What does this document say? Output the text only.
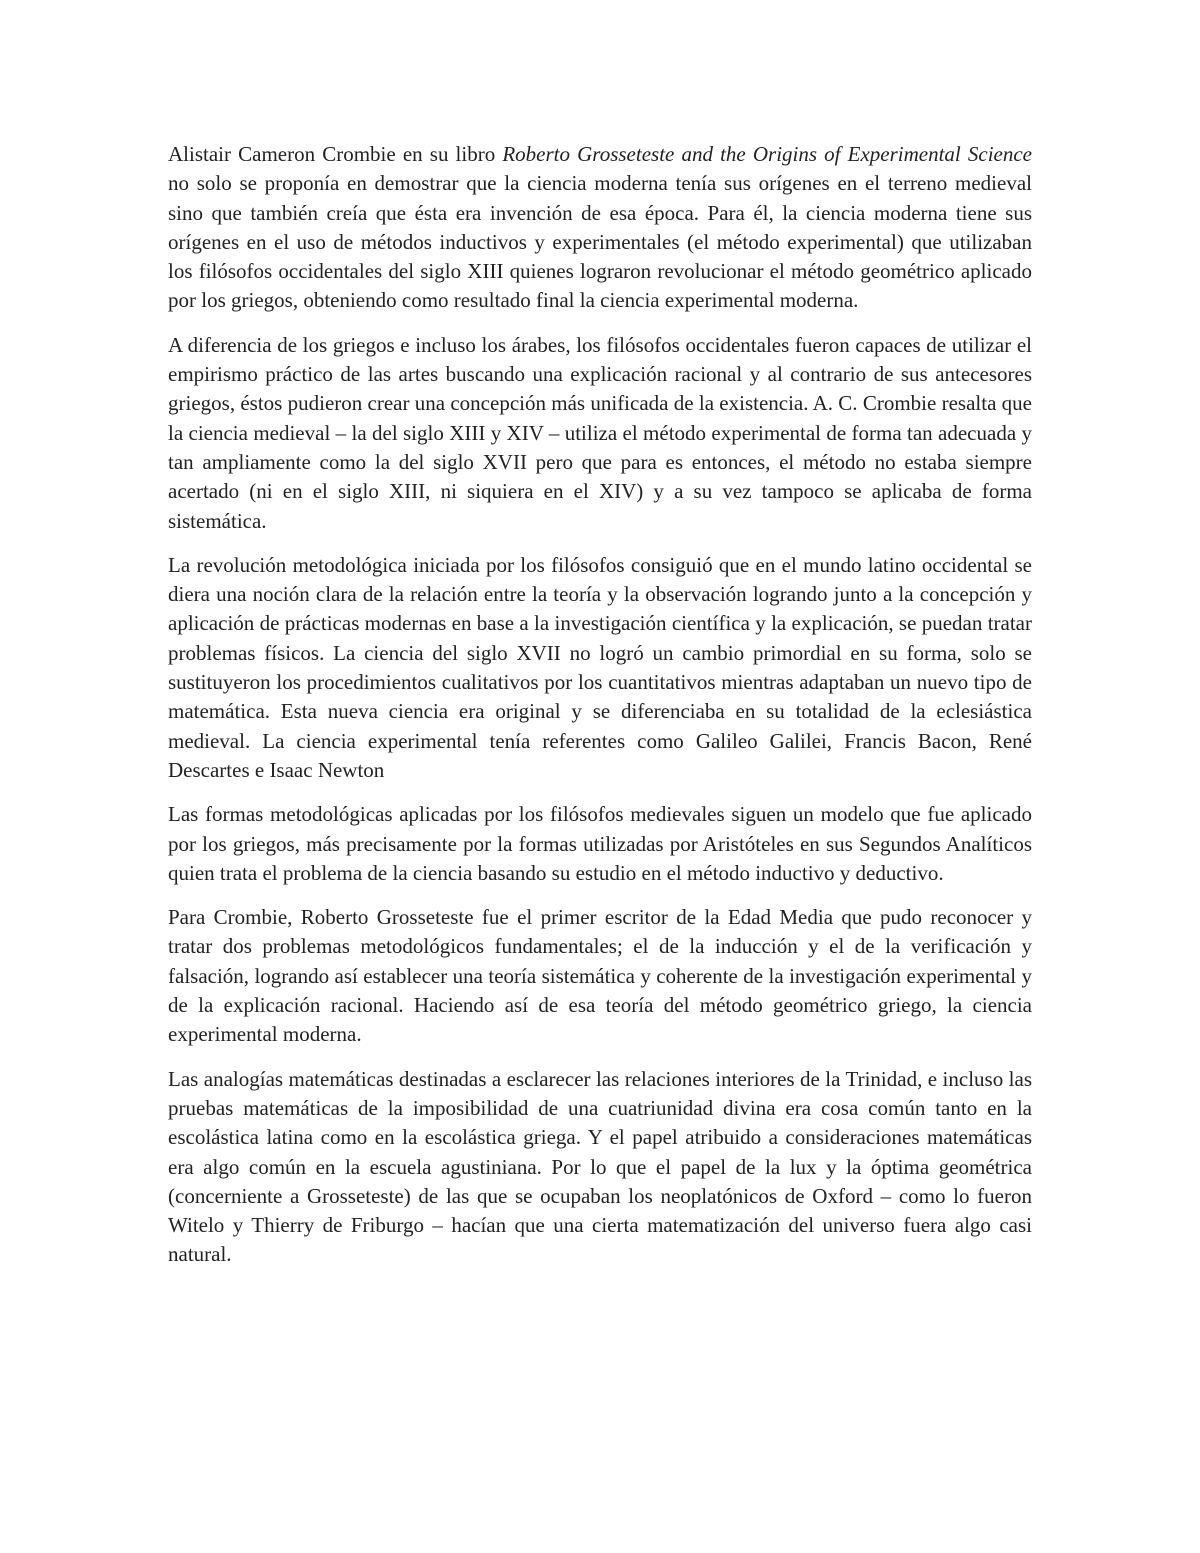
Alistair Cameron Crombie en su libro Roberto Grosseteste and the Origins of Experimental Science no solo se proponía en demostrar que la ciencia moderna tenía sus orígenes en el terreno medieval sino que también creía que ésta era invención de esa época. Para él, la ciencia moderna tiene sus orígenes en el uso de métodos inductivos y experimentales (el método experimental) que utilizaban los filósofos occidentales del siglo XIII quienes lograron revolucionar el método geométrico aplicado por los griegos, obteniendo como resultado final la ciencia experimental moderna.

A diferencia de los griegos e incluso los árabes, los filósofos occidentales fueron capaces de utilizar el empirismo práctico de las artes buscando una explicación racional y al contrario de sus antecesores griegos, éstos pudieron crear una concepción más unificada de la existencia. A. C. Crombie resalta que la ciencia medieval – la del siglo XIII y XIV – utiliza el método experimental de forma tan adecuada y tan ampliamente como la del siglo XVII pero que para es entonces, el método no estaba siempre acertado (ni en el siglo XIII, ni siquiera en el XIV) y a su vez tampoco se aplicaba de forma sistemática.

La revolución metodológica iniciada por los filósofos consiguió que en el mundo latino occidental se diera una noción clara de la relación entre la teoría y la observación logrando junto a la concepción y aplicación de prácticas modernas en base a la investigación científica y la explicación, se puedan tratar problemas físicos. La ciencia del siglo XVII no logró un cambio primordial en su forma, solo se sustituyeron los procedimientos cualitativos por los cuantitativos mientras adaptaban un nuevo tipo de matemática. Esta nueva ciencia era original y se diferenciaba en su totalidad de la eclesiástica medieval. La ciencia experimental tenía referentes como Galileo Galilei, Francis Bacon, René Descartes e Isaac Newton

Las formas metodológicas aplicadas por los filósofos medievales siguen un modelo que fue aplicado por los griegos, más precisamente por la formas utilizadas por Aristóteles en sus Segundos Analíticos quien trata el problema de la ciencia basando su estudio en el método inductivo y deductivo.

Para Crombie, Roberto Grosseteste fue el primer escritor de la Edad Media que pudo reconocer y tratar dos problemas metodológicos fundamentales; el de la inducción y el de la verificación y falsación, logrando así establecer una teoría sistemática y coherente de la investigación experimental y de la explicación racional. Haciendo así de esa teoría del método geométrico griego, la ciencia experimental moderna.

Las analogías matemáticas destinadas a esclarecer las relaciones interiores de la Trinidad, e incluso las pruebas matemáticas de la imposibilidad de una cuatriunidad divina era cosa común tanto en la escolástica latina como en la escolástica griega. Y el papel atribuido a consideraciones matemáticas era algo común en la escuela agustiniana. Por lo que el papel de la lux y la óptima geométrica (concerniente a Grosseteste) de las que se ocupaban los neoplatónicos de Oxford – como lo fueron Witelo y Thierry de Friburgo – hacían que una cierta matematización del universo fuera algo casi natural.
